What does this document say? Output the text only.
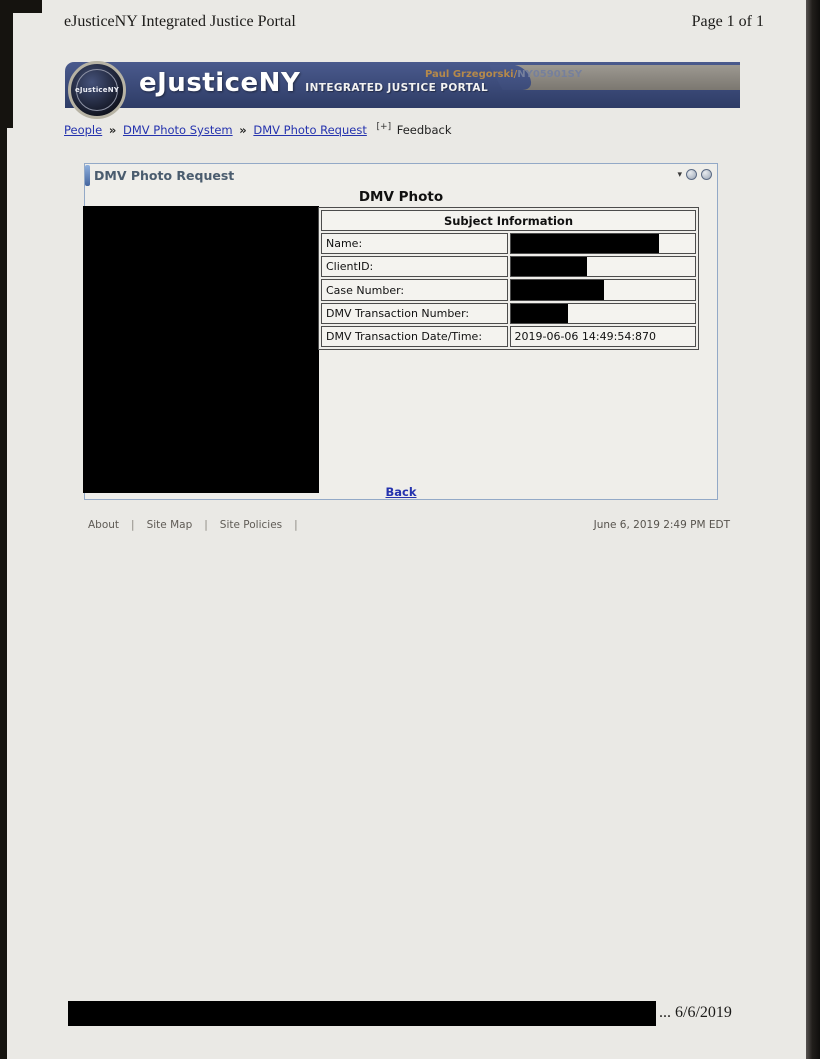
eJusticeNY Integrated Justice Portal	Page 1 of 1
eJusticeNY eJusticeNY INTEGRATED JUSTICE PORTAL
Paul Grzegorski/NY05901SY
People » DMV Photo System » DMV Photo Request [+] Feedback
DMV Photo Request	▾
DMV Photo
Subject Information	
Name:	

ClientID:	

Case Number:	

DMV Transaction Number:	

DMV Transaction Date/Time:	2019-06-06 14:49:54:870
Back
About | Site Map | Site Policies |	June 6, 2019 2:49 PM EDT
... 6/6/2019
